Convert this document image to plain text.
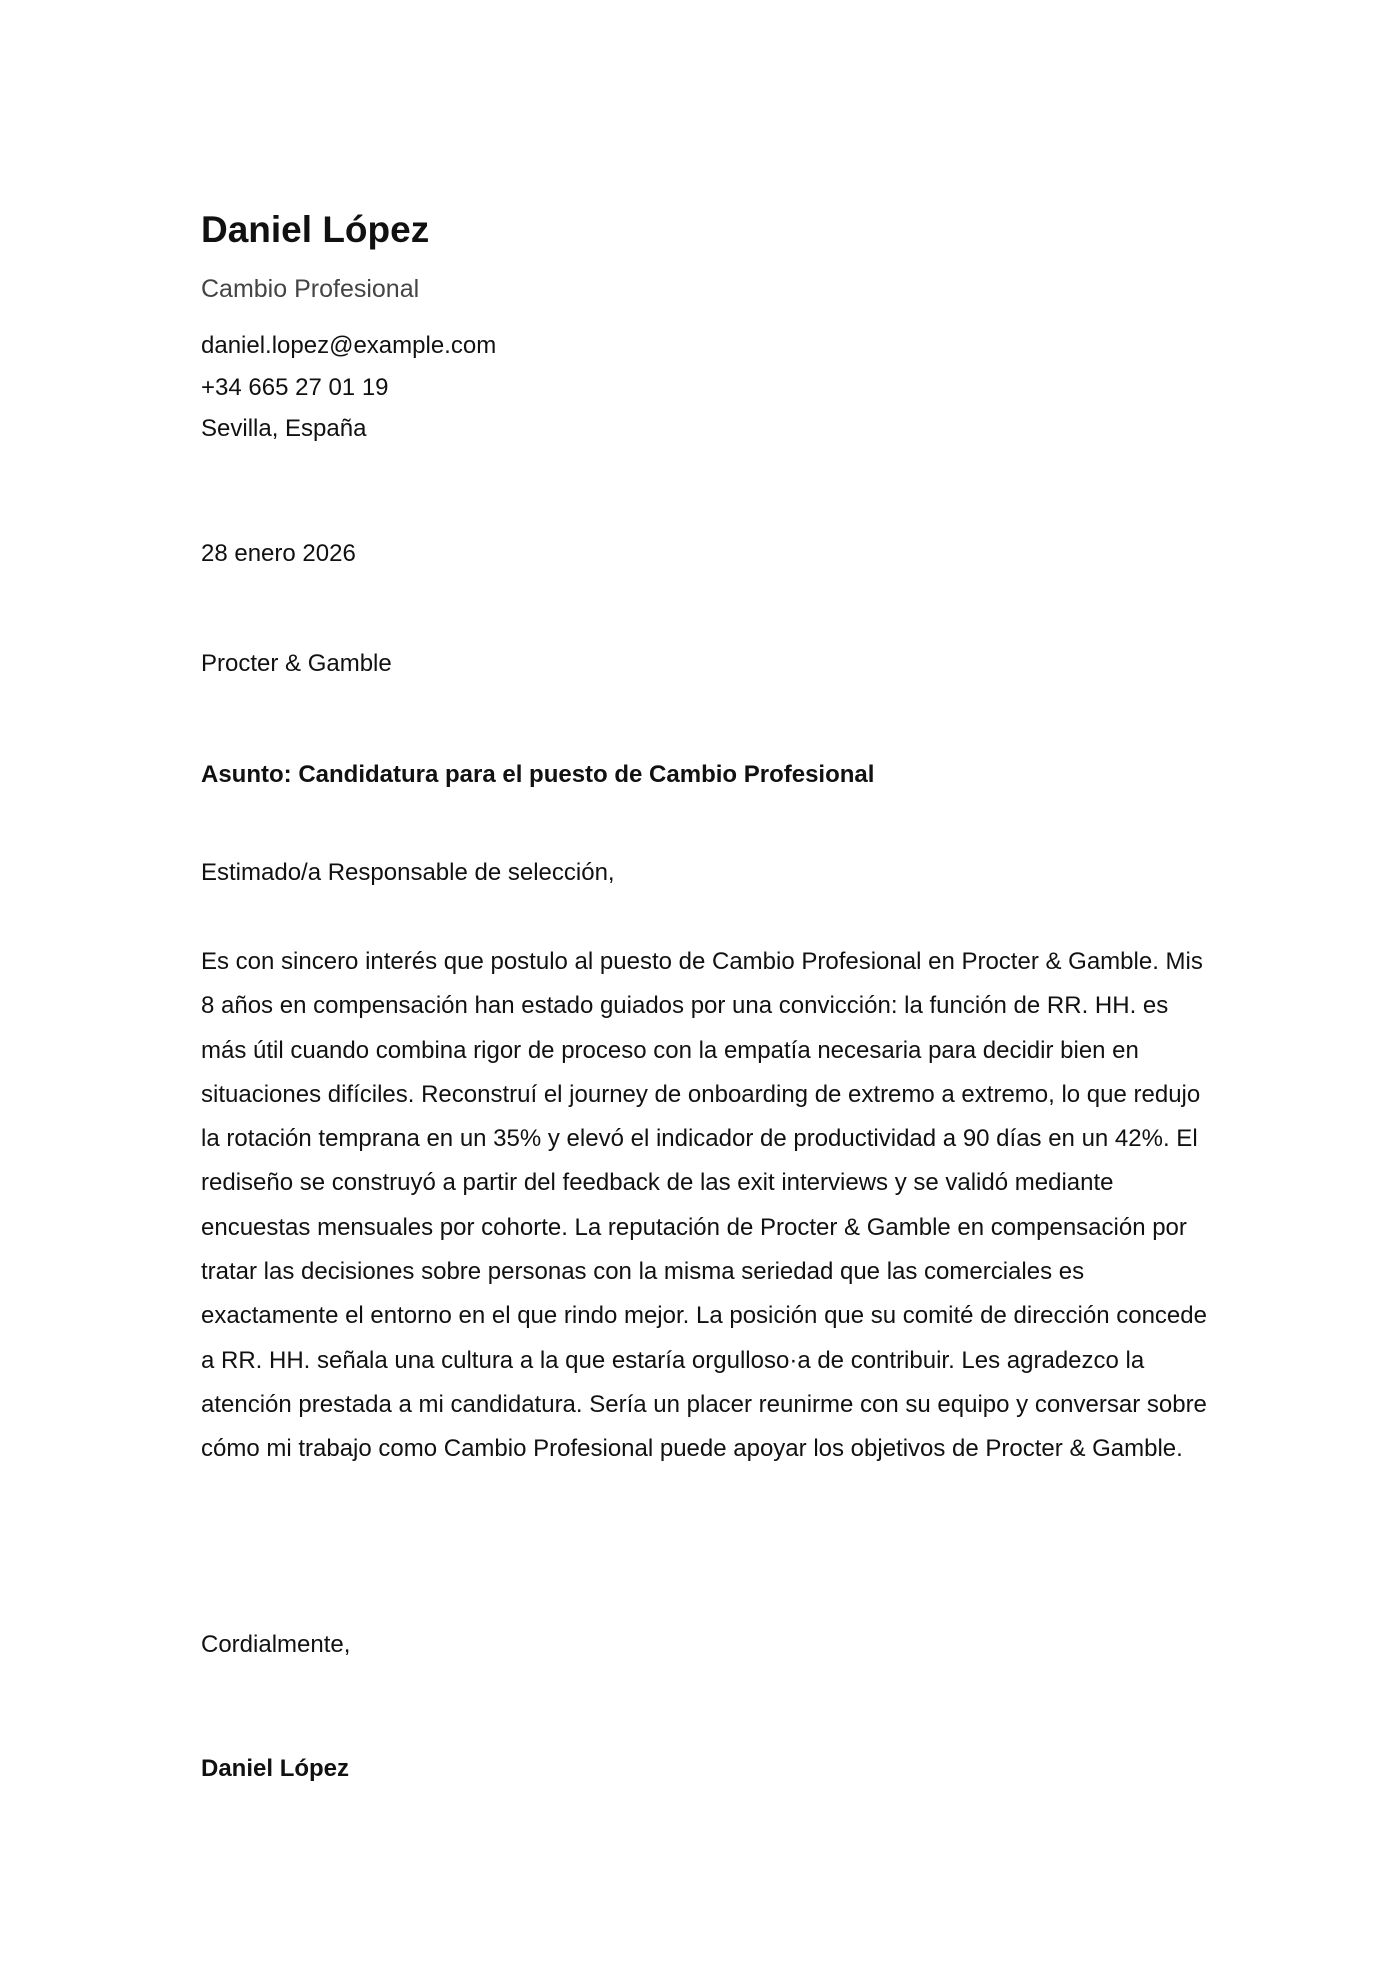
Daniel López
Cambio Profesional
daniel.lopez@example.com
+34 665 27 01 19
Sevilla, España
28 enero 2026
Procter & Gamble
Asunto: Candidatura para el puesto de Cambio Profesional
Estimado/a Responsable de selección,

Es con sincero interés que postulo al puesto de Cambio Profesional en Procter & Gamble. Mis 8 años en compensación han estado guiados por una convicción: la función de RR. HH. es más útil cuando combina rigor de proceso con la empatía necesaria para decidir bien en situaciones difíciles. Reconstruí el journey de onboarding de extremo a extremo, lo que redujo la rotación temprana en un 35% y elevó el indicador de productividad a 90 días en un 42%. El rediseño se construyó a partir del feedback de las exit interviews y se validó mediante encuestas mensuales por cohorte. La reputación de Procter & Gamble en compensación por tratar las decisiones sobre personas con la misma seriedad que las comerciales es exactamente el entorno en el que rindo mejor. La posición que su comité de dirección concede a RR. HH. señala una cultura a la que estaría orgulloso·a de contribuir. Les agradezco la atención prestada a mi candidatura. Sería un placer reunirme con su equipo y conversar sobre cómo mi trabajo como Cambio Profesional puede apoyar los objetivos de Procter & Gamble.

Cordialmente,
Daniel López
